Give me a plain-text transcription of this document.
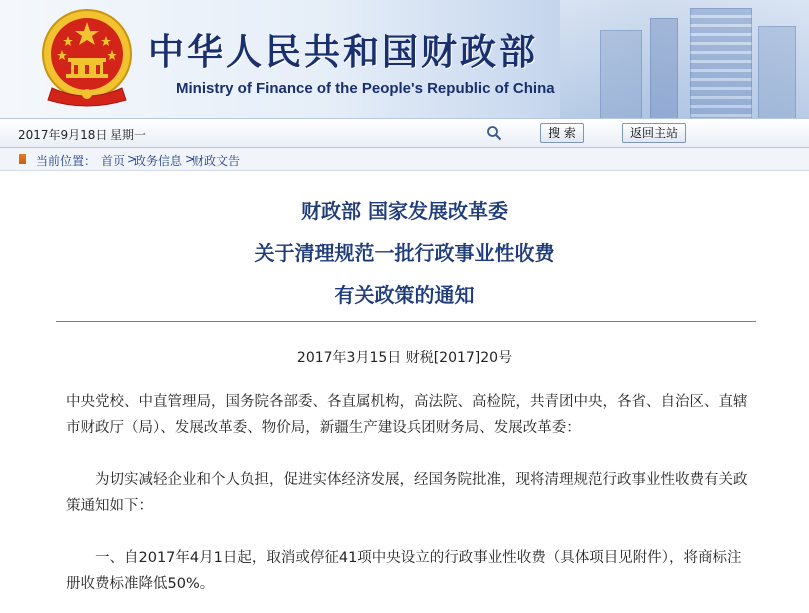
中华人民共和国财政部
Ministry of Finance of the People's Republic of China
2017年9月18日 星期一	搜 索	返回主站
当前位置： 首页 >
政务信息 >
财政文告
财政部 国家发展改革委
关于清理规范一批行政事业性收费
有关政策的通知
2017年3月15日 财税[2017]20号
中央党校、中直管理局，国务院各部委、各直属机构，高法院、高检院，共青团中央，各省、自治区、直辖市财政厅（局）、发展改革委、物价局，新疆生产建设兵团财务局、发展改革委：
为切实减轻企业和个人负担，促进实体经济发展，经国务院批准，现将清理规范行政事业性收费有关政策通知如下：
一、自2017年4月1日起，取消或停征41项中央设立的行政事业性收费（具体项目见附件），将商标注册收费标准降低50%。
